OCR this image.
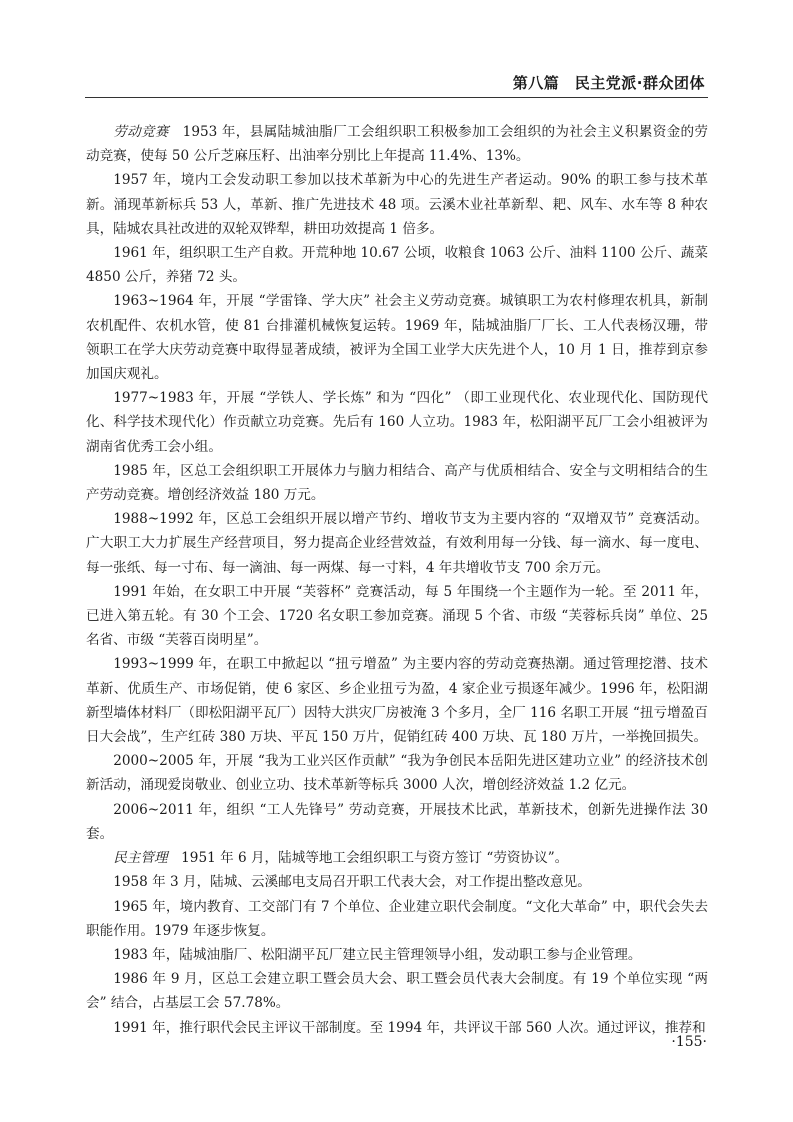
第八篇　民主党派·群众团体

劳动竞赛　1953 年，县属陆城油脂厂工会组织职工积极参加工会组织的为社会主义积累资金的劳动竞赛，使每 50 公斤芝麻压籽、出油率分别比上年提高 11.4%、13%。

1957 年，境内工会发动职工参加以技术革新为中心的先进生产者运动。90% 的职工参与技术革新。涌现革新标兵 53 人，革新、推广先进技术 48 项。云溪木业社革新犁、耙、风车、水车等 8 种农具，陆城农具社改进的双轮双铧犁，耕田功效提高 1 倍多。

1961 年，组织职工生产自救。开荒种地 10.67 公顷，收粮食 1063 公斤、油料 1100 公斤、蔬菜 4850 公斤，养猪 72 头。

1963~1964 年，开展 “学雷锋、学大庆” 社会主义劳动竞赛。城镇职工为农村修理农机具，新制农机配件、农机水管，使 81 台排灌机械恢复运转。1969 年，陆城油脂厂厂长、工人代表杨汉珊，带领职工在学大庆劳动竞赛中取得显著成绩，被评为全国工业学大庆先进个人，10 月 1 日，推荐到京参加国庆观礼。

1977~1983 年，开展 “学铁人、学长炼” 和为 “四化” （即工业现代化、农业现代化、国防现代化、科学技术现代化）作贡献立功竞赛。先后有 160 人立功。1983 年，松阳湖平瓦厂工会小组被评为湖南省优秀工会小组。

1985 年，区总工会组织职工开展体力与脑力相结合、高产与优质相结合、安全与文明相结合的生产劳动竞赛。增创经济效益 180 万元。

1988~1992 年，区总工会组织开展以增产节约、增收节支为主要内容的 “双增双节” 竞赛活动。广大职工大力扩展生产经营项目，努力提高企业经营效益，有效利用每一分钱、每一滴水、每一度电、每一张纸、每一寸布、每一滴油、每一两煤、每一寸料，4 年共增收节支 700 余万元。

1991 年始，在女职工中开展 “芙蓉杯” 竞赛活动，每 5 年围绕一个主题作为一轮。至 2011 年，已进入第五轮。有 30 个工会、1720 名女职工参加竞赛。涌现 5 个省、市级 “芙蓉标兵岗” 单位、25 名省、市级 “芙蓉百岗明星”。

1993~1999 年，在职工中掀起以 “扭亏增盈” 为主要内容的劳动竞赛热潮。通过管理挖潜、技术革新、优质生产、市场促销，使 6 家区、乡企业扭亏为盈，4 家企业亏损逐年减少。1996 年，松阳湖新型墙体材料厂（即松阳湖平瓦厂）因特大洪灾厂房被淹 3 个多月，全厂 116 名职工开展 “扭亏增盈百日大会战”，生产红砖 380 万块、平瓦 150 万片，促销红砖 400 万块、瓦 180 万片，一举挽回损失。

2000~2005 年，开展 “我为工业兴区作贡献” “我为争创民本岳阳先进区建功立业” 的经济技术创新活动，涌现爱岗敬业、创业立功、技术革新等标兵 3000 人次，增创经济效益 1.2 亿元。

2006~2011 年，组织 “工人先锋号” 劳动竞赛，开展技术比武，革新技术，创新先进操作法 30 套。

民主管理　1951 年 6 月，陆城等地工会组织职工与资方签订 “劳资协议”。

1958 年 3 月，陆城、云溪邮电支局召开职工代表大会，对工作提出整改意见。

1965 年，境内教育、工交部门有 7 个单位、企业建立职代会制度。“文化大革命” 中，职代会失去职能作用。1979 年逐步恢复。

1983 年，陆城油脂厂、松阳湖平瓦厂建立民主管理领导小组，发动职工参与企业管理。

1986 年 9 月，区总工会建立职工暨会员大会、职工暨会员代表大会制度。有 19 个单位实现 “两会” 结合，占基层工会 57.78%。

1991 年，推行职代会民主评议干部制度。至 1994 年，共评议干部 560 人次。通过评议，推荐和

·155·
